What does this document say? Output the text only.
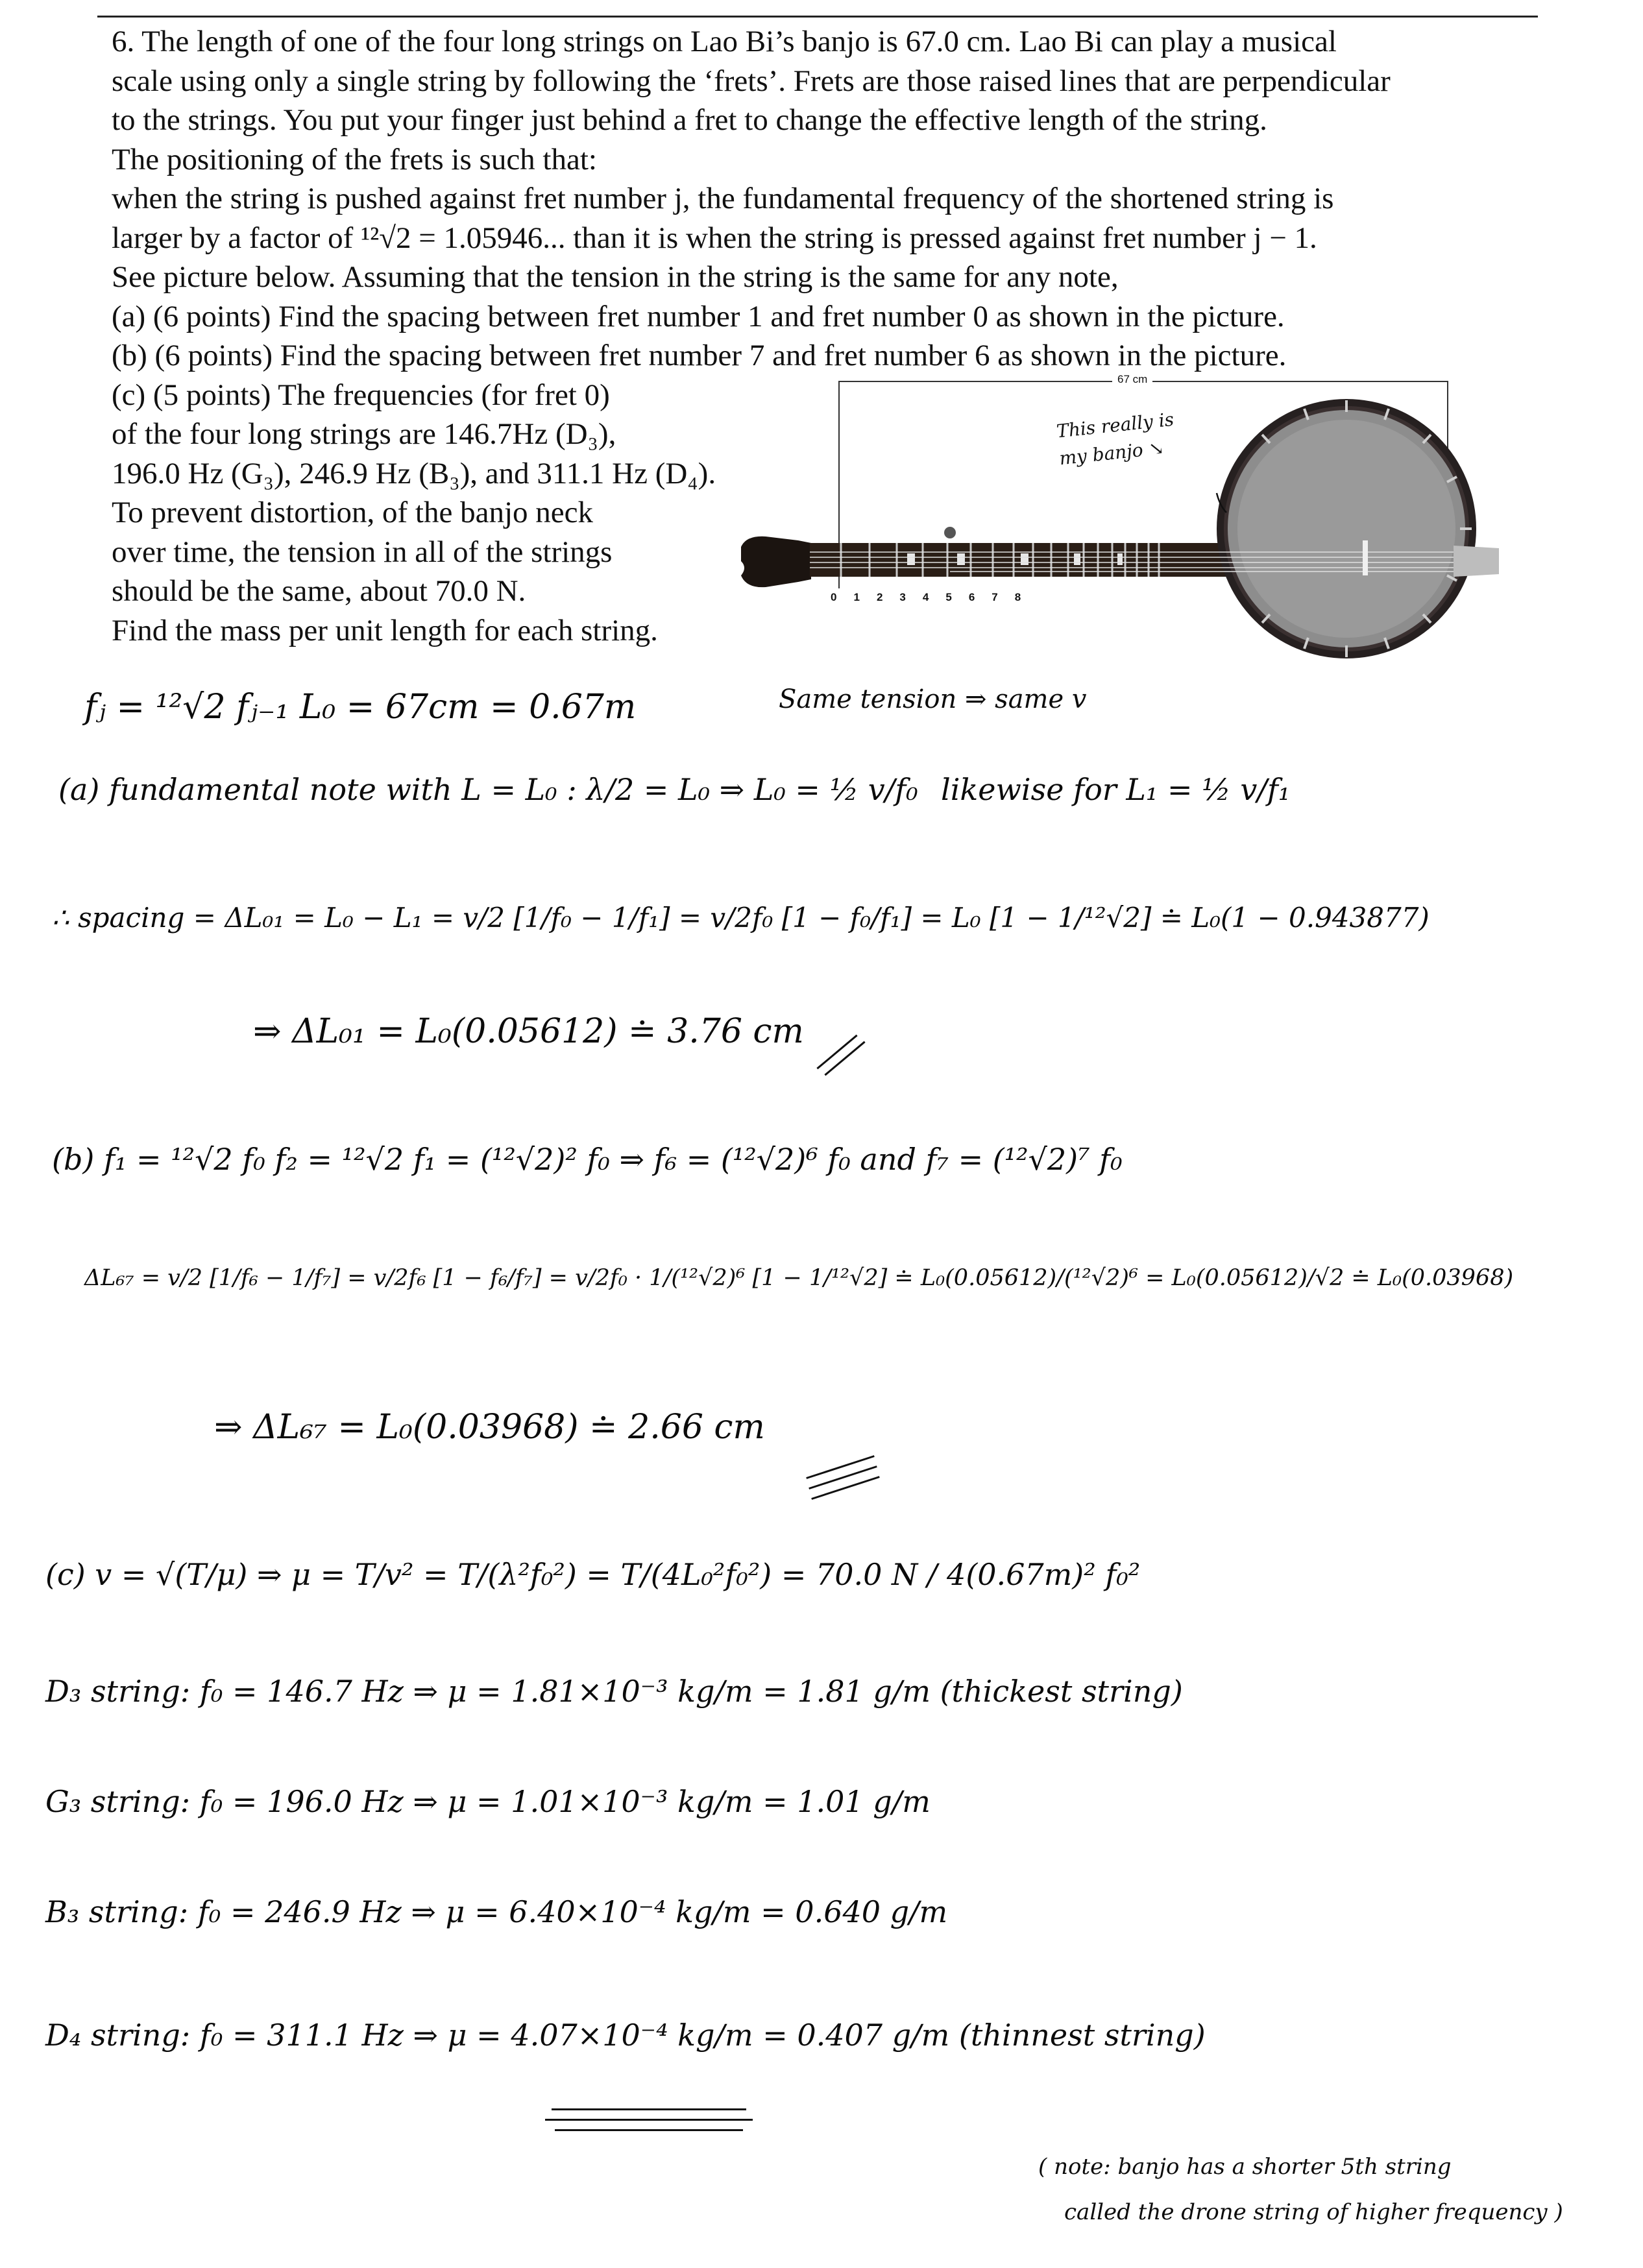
6. The length of one of the four long strings on Lao Bi’s banjo is 67.0 cm. Lao Bi can play a musical
scale using only a single string by following the ‘frets’. Frets are those raised lines that are perpendicular
to the strings. You put your finger just behind a fret to change the effective length of the string.
The positioning of the frets is such that:
when the string is pushed against fret number j, the fundamental frequency of the shortened string is
larger by a factor of ¹²√2 = 1.05946... than it is when the string is pressed against fret number j − 1.
See picture below. Assuming that the tension in the string is the same for any note,
(a) (6 points) Find the spacing between fret number 1 and fret number 0 as shown in the picture.
(b) (6 points) Find the spacing between fret number 7 and fret number 6 as shown in the picture.
(c) (5 points) The frequencies (for fret 0)
of the four long strings are 146.7Hz (D₃),
196.0 Hz (G₃), 246.9 Hz (B₃), and 311.1 Hz (D₄).
To prevent distortion, of the banjo neck
over time, the tension in all of the strings
should be the same, about 70.0 N.
Find the mass per unit length for each string.
67 cm
0 1 2 3 4 5 6 7 8
This really is
my banjo ↘
fⱼ = ¹²√2 fⱼ₋₁ L₀ = 67cm = 0.67m	Same tension ⇒ same v
(a) fundamental note with L = L₀ : λ/2 = L₀ ⇒ L₀ = ½ v/f₀ likewise for L₁ = ½ v/f₁
∴ spacing = ΔL₀₁ = L₀ − L₁ = v/2 [1/f₀ − 1/f₁] = v/2f₀ [1 − f₀/f₁] = L₀ [1 − 1/¹²√2] ≐ L₀(1 − 0.943877)
⇒ ΔL₀₁ = L₀(0.05612) ≐ 3.76 cm
(b) f₁ = ¹²√2 f₀ f₂ = ¹²√2 f₁ = (¹²√2)² f₀ ⇒ f₆ = (¹²√2)⁶ f₀ and f₇ = (¹²√2)⁷ f₀
ΔL₆₇ = v/2 [1/f₆ − 1/f₇] = v/2f₆ [1 − f₆/f₇] = v/2f₀ · 1/(¹²√2)⁶ [1 − 1/¹²√2] ≐ L₀(0.05612)/(¹²√2)⁶ = L₀(0.05612)/√2 ≐ L₀(0.03968)
⇒ ΔL₆₇ = L₀(0.03968) ≐ 2.66 cm
(c) v = √(T/μ) ⇒ μ = T/v² = T/(λ²f₀²) = T/(4L₀²f₀²) = 70.0 N / 4(0.67m)² f₀²
D₃ string: f₀ = 146.7 Hz ⇒ μ = 1.81×10⁻³ kg/m = 1.81 g/m (thickest string)
G₃ string: f₀ = 196.0 Hz ⇒ μ = 1.01×10⁻³ kg/m = 1.01 g/m
B₃ string: f₀ = 246.9 Hz ⇒ μ = 6.40×10⁻⁴ kg/m = 0.640 g/m
D₄ string: f₀ = 311.1 Hz ⇒ μ = 4.07×10⁻⁴ kg/m = 0.407 g/m (thinnest string)
( note: banjo has a shorter 5th string
called the drone string of higher frequency )
